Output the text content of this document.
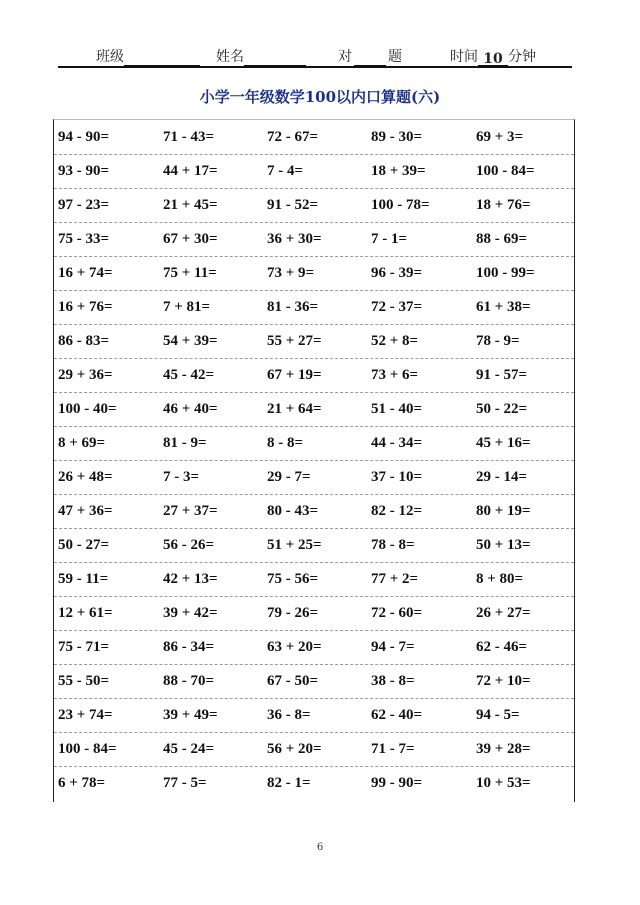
班级	姓名	对	题	时间 10 分钟
小学一年级数学100以内口算题(六)
94 - 90=	71 - 43=	72 - 67=	89 - 30=	69 + 3=
93 - 90=	44 + 17=	7 - 4=	18 + 39=	100 - 84=
97 - 23=	21 + 45=	91 - 52=	100 - 78=	18 + 76=
75 - 33=	67 + 30=	36 + 30=	7 - 1=	88 - 69=
16 + 74=	75 + 11=	73 + 9=	96 - 39=	100 - 99=
16 + 76=	7 + 81=	81 - 36=	72 - 37=	61 + 38=
86 - 83=	54 + 39=	55 + 27=	52 + 8=	78 - 9=
29 + 36=	45 - 42=	67 + 19=	73 + 6=	91 - 57=
100 - 40=	46 + 40=	21 + 64=	51 - 40=	50 - 22=
8 + 69=	81 - 9=	8 - 8=	44 - 34=	45 + 16=
26 + 48=	7 - 3=	29 - 7=	37 - 10=	29 - 14=
47 + 36=	27 + 37=	80 - 43=	82 - 12=	80 + 19=
50 - 27=	56 - 26=	51 + 25=	78 - 8=	50 + 13=
59 - 11=	42 + 13=	75 - 56=	77 + 2=	8 + 80=
12 + 61=	39 + 42=	79 - 26=	72 - 60=	26 + 27=
75 - 71=	86 - 34=	63 + 20=	94 - 7=	62 - 46=
55 - 50=	88 - 70=	67 - 50=	38 - 8=	72 + 10=
23 + 74=	39 + 49=	36 - 8=	62 - 40=	94 - 5=
100 - 84=	45 - 24=	56 + 20=	71 - 7=	39 + 28=
6 + 78=	77 - 5=	82 - 1=	99 - 90=	10 + 53=
6
